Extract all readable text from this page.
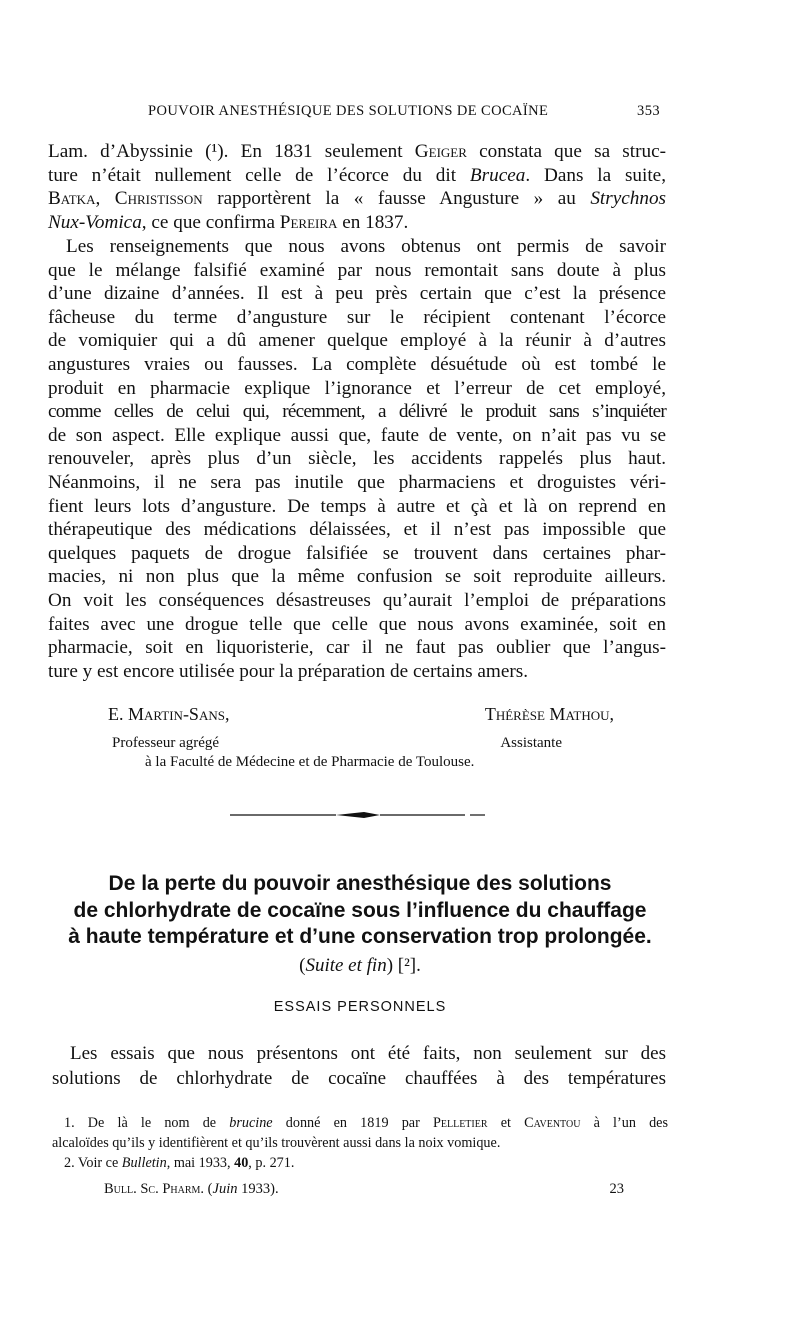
POUVOIR ANESTHÉSIQUE DES SOLUTIONS DE COCAÏNE	353
Lam. d’Abyssinie (¹). En 1831 seulement Geiger constata que sa struc-
ture n’était nullement celle de l’écorce du dit Brucea. Dans la suite,
Batka, Christisson rapportèrent la « fausse Angusture » au Strychnos
Nux-Vomica, ce que confirma Pereira en 1837.
Les renseignements que nous avons obtenus ont permis de savoir
que le mélange falsifié examiné par nous remontait sans doute à plus
d’une dizaine d’années. Il est à peu près certain que c’est la présence
fâcheuse du terme d’angusture sur le récipient contenant l’écorce
de vomiquier qui a dû amener quelque employé à la réunir à d’autres
angustures vraies ou fausses. La complète désuétude où est tombé le
produit en pharmacie explique l’ignorance et l’erreur de cet employé,
comme celles de celui qui, récemment, a délivré le produit sans s’inquiéter
de son aspect. Elle explique aussi que, faute de vente, on n’ait pas vu se
renouveler, après plus d’un siècle, les accidents rappelés plus haut.
Néanmoins, il ne sera pas inutile que pharmaciens et droguistes véri-
fient leurs lots d’angusture. De temps à autre et çà et là on reprend en
thérapeutique des médications délaissées, et il n’est pas impossible que
quelques paquets de drogue falsifiée se trouvent dans certaines phar-
macies, ni non plus que la même confusion se soit reproduite ailleurs.
On voit les conséquences désastreuses qu’aurait l’emploi de préparations
faites avec une drogue telle que celle que nous avons examinée, soit en
pharmacie, soit en liquoristerie, car il ne faut pas oublier que l’angus-
ture y est encore utilisée pour la préparation de certains amers.
E. Martin-Sans,	Thérèse Mathou,
Professeur agrégé	Assistante
à la Faculté de Médecine et de Pharmacie de Toulouse.
De la perte du pouvoir anesthésique des solutions
de chlorhydrate de cocaïne sous l’influence du chauffage
à haute température et d’une conservation trop prolongée.
(Suite et fin) [²].
ESSAIS PERSONNELS
Les essais que nous présentons ont été faits, non seulement sur des
solutions de chlorhydrate de cocaïne chauffées à des températures
1. De là le nom de brucine donné en 1819 par Pelletier et Caventou à l’un des
alcaloïdes qu’ils y identifièrent et qu’ils trouvèrent aussi dans la noix vomique.
2. Voir ce Bulletin, mai 1933, 40, p. 271.
Bull. Sc. Pharm. (Juin 1933).	23
